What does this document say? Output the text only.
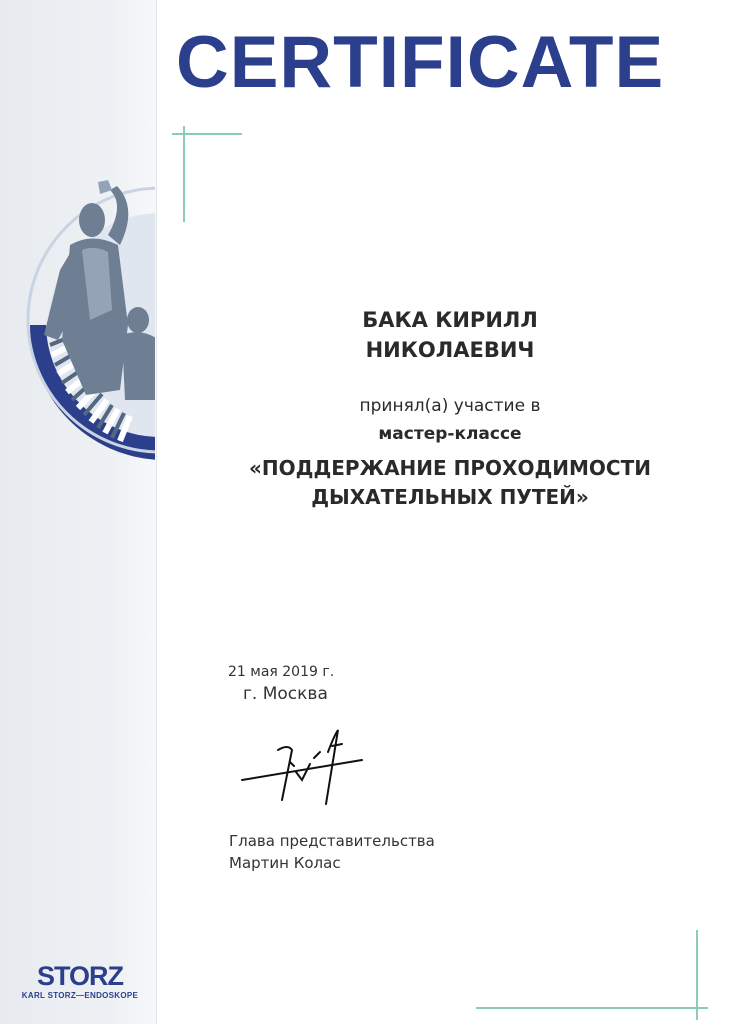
CERTIFICATE
БАКА КИРИЛЛ
НИКОЛАЕВИЧ
принял(а) участие в
мастер-классе
«ПОДДЕРЖАНИЕ ПРОХОДИМОСТИ
ДЫХАТЕЛЬНЫХ ПУТЕЙ»
21 мая 2019 г.
г. Москва
Глава представительства
Мартин Колас
STORZ
KARL STORZ—ENDOSKOPE
